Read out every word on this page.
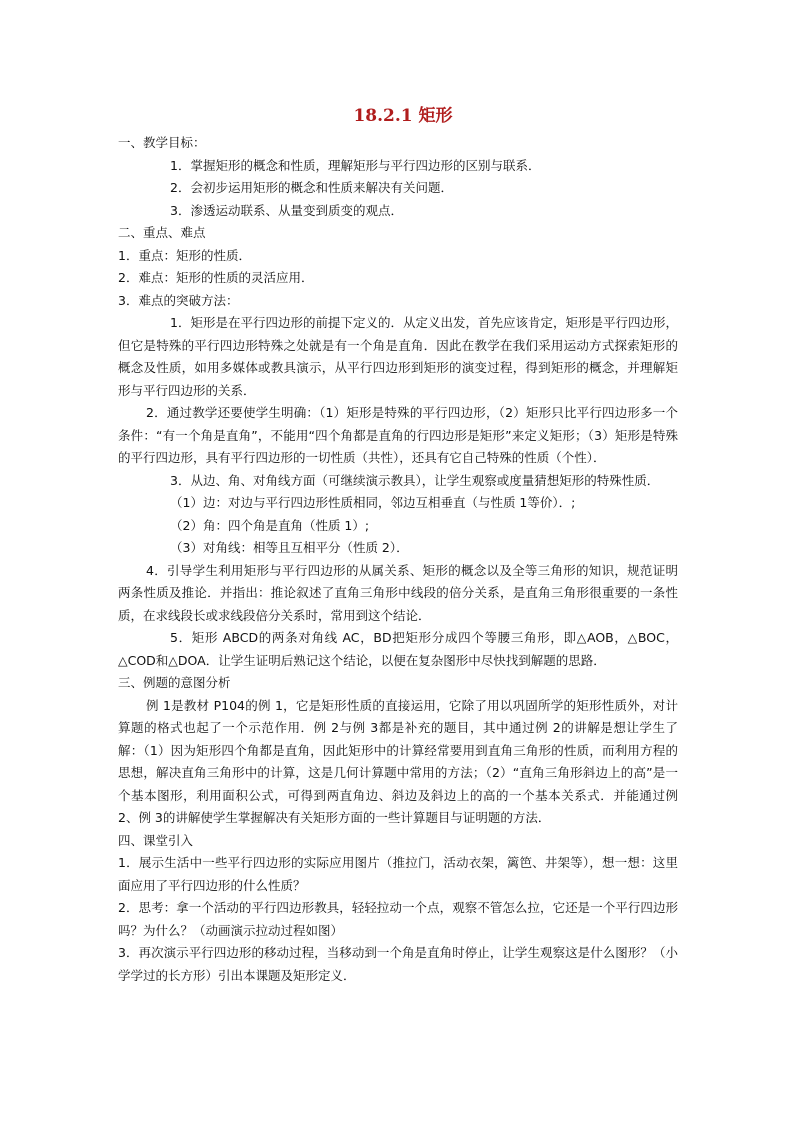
18.2.1 矩形
一、教学目标：
1．掌握矩形的概念和性质，理解矩形与平行四边形的区别与联系．
2．会初步运用矩形的概念和性质来解决有关问题．
3．渗透运动联系、从量变到质变的观点．
二、重点、难点
1．重点：矩形的性质．
2．难点：矩形的性质的灵活应用．
3．难点的突破方法：
1．矩形是在平行四边形的前提下定义的．从定义出发，首先应该肯定，矩形是平行四边形，但它是特殊的平行四边形特殊之处就是有一个角是直角．因此在教学在我们采用运动方式探索矩形的概念及性质，如用多媒体或教具演示，从平行四边形到矩形的演变过程，得到矩形的概念，并理解矩形与平行四边形的关系．
2．通过教学还要使学生明确：（1）矩形是特殊的平行四边形，（2）矩形只比平行四边形多一个条件：“有一个角是直角”，不能用“四个角都是直角的行四边形是矩形”来定义矩形；（3）矩形是特殊的平行四边形，具有平行四边形的一切性质（共性），还具有它自己特殊的性质（个性）．
3．从边、角、对角线方面（可继续演示教具），让学生观察或度量猜想矩形的特殊性质．
（1）边：对边与平行四边形性质相同，邻边互相垂直（与性质 1等价）．;
（2）角：四个角是直角（性质 1）;
（3）对角线：相等且互相平分（性质 2）．
4．引导学生利用矩形与平行四边形的从属关系、矩形的概念以及全等三角形的知识，规范证明两条性质及推论．并指出：推论叙述了直角三角形中线段的倍分关系，是直角三角形很重要的一条性质，在求线段长或求线段倍分关系时，常用到这个结论．
5．矩形 ABCD的两条对角线 AC，BD把矩形分成四个等腰三角形，即△AOB，△BOC，△COD和△DOA．让学生证明后熟记这个结论，以便在复杂图形中尽快找到解题的思路．
三、例题的意图分析
例 1是教材 P104的例 1，它是矩形性质的直接运用，它除了用以巩固所学的矩形性质外，对计算题的格式也起了一个示范作用．例 2与例 3都是补充的题目，其中通过例 2的讲解是想让学生了解：（1）因为矩形四个角都是直角，因此矩形中的计算经常要用到直角三角形的性质，而利用方程的思想，解决直角三角形中的计算，这是几何计算题中常用的方法；（2）“直角三角形斜边上的高”是一个基本图形，利用面积公式，可得到两直角边、斜边及斜边上的高的一个基本关系式．并能通过例 2、例 3的讲解使学生掌握解决有关矩形方面的一些计算题目与证明题的方法．
四、课堂引入
1．展示生活中一些平行四边形的实际应用图片（推拉门，活动衣架，篱笆、井架等），想一想：这里面应用了平行四边形的什么性质？
2．思考：拿一个活动的平行四边形教具，轻轻拉动一个点，观察不管怎么拉，它还是一个平行四边形吗？为什么？（动画演示拉动过程如图）
3．再次演示平行四边形的移动过程，当移动到一个角是直角时停止，让学生观察这是什么图形？（小学学过的长方形）引出本课题及矩形定义．
